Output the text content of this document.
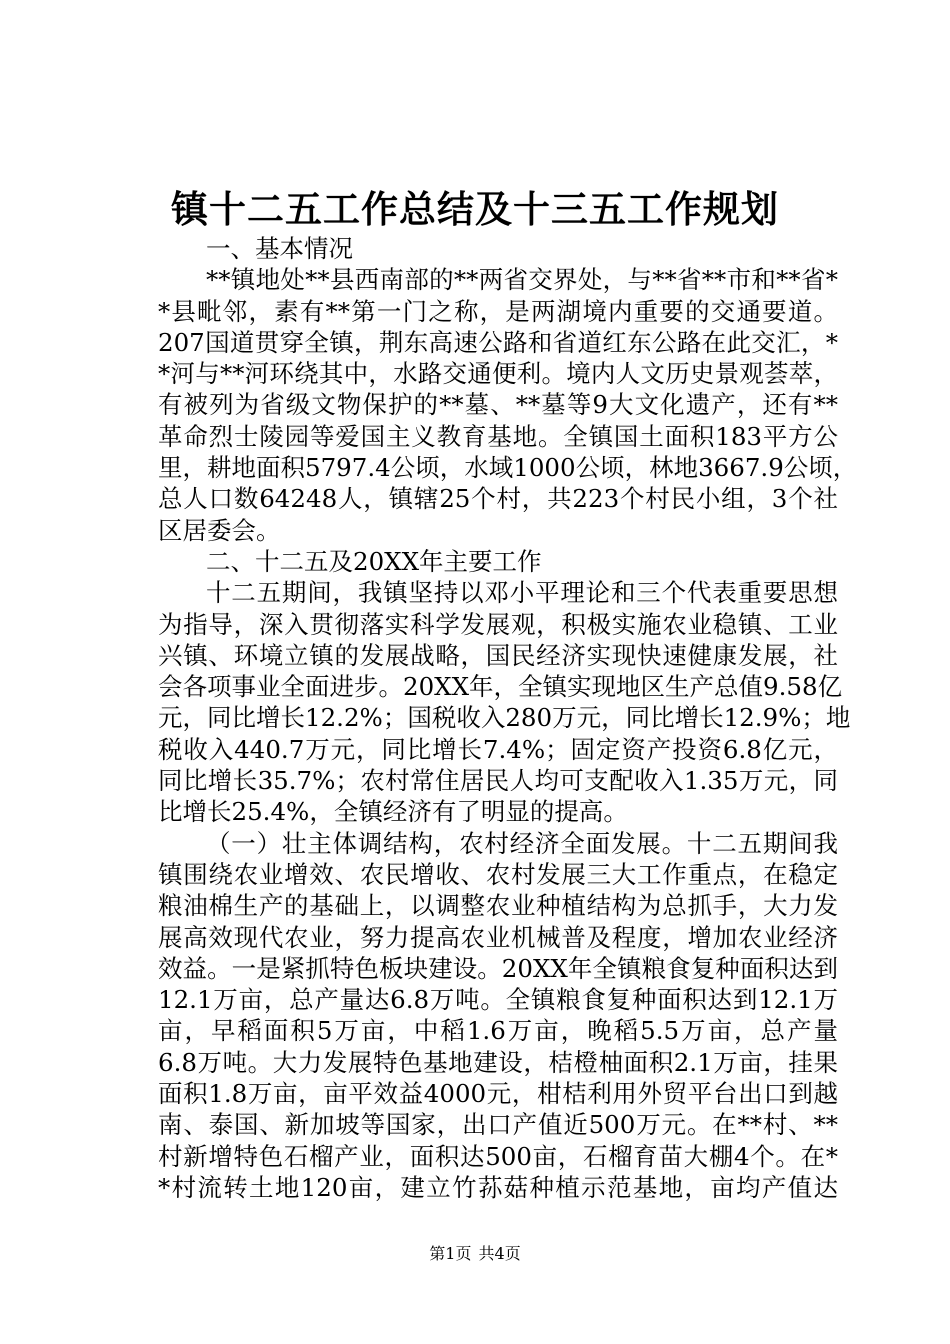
镇十二五工作总结及十三五工作规划
一、基本情况
**镇地处**县西南部的**两省交界处，与**省**市和**省*
*县毗邻，素有**第一门之称，是两湖境内重要的交通要道。
207国道贯穿全镇，荆东高速公路和省道红东公路在此交汇，*
*河与**河环绕其中，水路交通便利。境内人文历史景观荟萃，
有被列为省级文物保护的**墓、**墓等9大文化遗产，还有**
革命烈士陵园等爱国主义教育基地。全镇国土面积183平方公
里，耕地面积5797.4公顷，水域1000公顷，林地3667.9公顷，
总人口数64248人，镇辖25个村，共223个村民小组，3个社
区居委会。
二、十二五及20XX年主要工作
十二五期间，我镇坚持以邓小平理论和三个代表重要思想
为指导，深入贯彻落实科学发展观，积极实施农业稳镇、工业
兴镇、环境立镇的发展战略，国民经济实现快速健康发展，社
会各项事业全面进步。20XX年，全镇实现地区生产总值9.58亿
元，同比增长12.2%；国税收入280万元，同比增长12.9%；地
税收入440.7万元，同比增长7.4%；固定资产投资6.8亿元，
同比增长35.7%；农村常住居民人均可支配收入1.35万元，同
比增长25.4%，全镇经济有了明显的提高。
（一）壮主体调结构，农村经济全面发展。十二五期间我
镇围绕农业增效、农民增收、农村发展三大工作重点，在稳定
粮油棉生产的基础上，以调整农业种植结构为总抓手，大力发
展高效现代农业，努力提高农业机械普及程度，增加农业经济
效益。一是紧抓特色板块建设。20XX年全镇粮食复种面积达到
12.1万亩，总产量达6.8万吨。全镇粮食复种面积达到12.1万
亩，早稻面积5万亩，中稻1.6万亩，晚稻5.5万亩，总产量
6.8万吨。大力发展特色基地建设，桔橙柚面积2.1万亩，挂果
面积1.8万亩，亩平效益4000元，柑桔利用外贸平台出口到越
南、泰国、新加坡等国家，出口产值近500万元。在**村、**
村新增特色石榴产业，面积达500亩，石榴育苗大棚4个。在*
*村流转土地120亩，建立竹荪菇种植示范基地，亩均产值达
第1页 共4页
